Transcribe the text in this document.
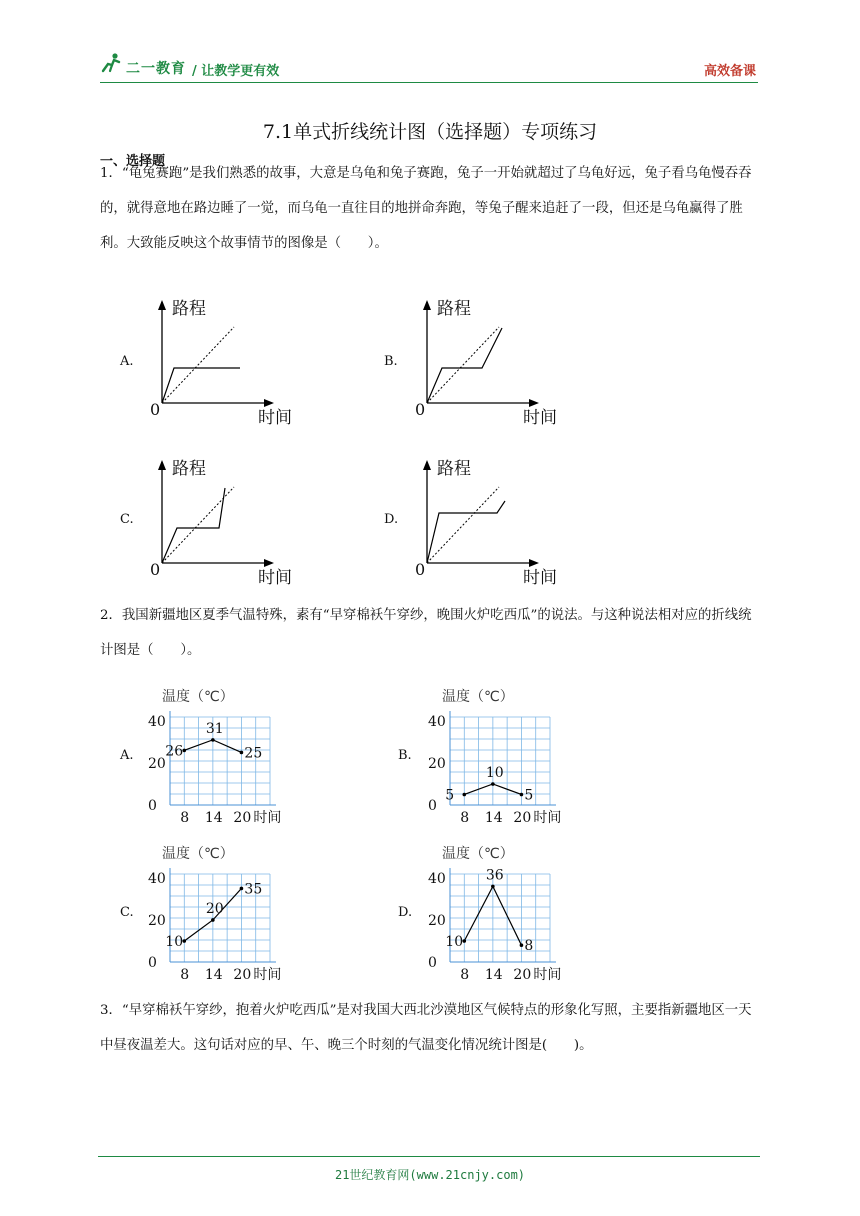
二一教育 / 让教学更有效	高效备课
7.1单式折线统计图（选择题）专项练习
一、选择题
1．“龟兔赛跑”是我们熟悉的故事，大意是乌龟和兔子赛跑，兔子一开始就超过了乌龟好远，兔子看乌龟慢吞吞的，就得意地在路边睡了一觉，而乌龟一直往目的地拼命奔跑，等兔子醒来追赶了一段，但还是乌龟赢得了胜利。大致能反映这个故事情节的图像是（　　）。
A.	B.
C.	D.
路程
时间
0
路程
时间
0
路程
时间
0
路程
时间
0
2．我国新疆地区夏季气温特殊，素有“早穿棉袄午穿纱，晚围火炉吃西瓜”的说法。与这种说法相对应的折线统计图是（　　）。
A.	B.
C.	D.
温度（℃）
40
20
0
8 14 20 时间
26
31
25
温度（℃）
40
20
0
8 14 20 时间
5
10
5
温度（℃）
40
20
0
8 14 20 时间
10
20
35
温度（℃）
40
20
0
8 14 20 时间
10
36
8
3．“早穿棉袄午穿纱，抱着火炉吃西瓜”是对我国大西北沙漠地区气候特点的形象化写照，主要指新疆地区一天中昼夜温差大。这句话对应的早、午、晚三个时刻的气温变化情况统计图是(　　)。
21世纪教育网(www.21cnjy.com)
